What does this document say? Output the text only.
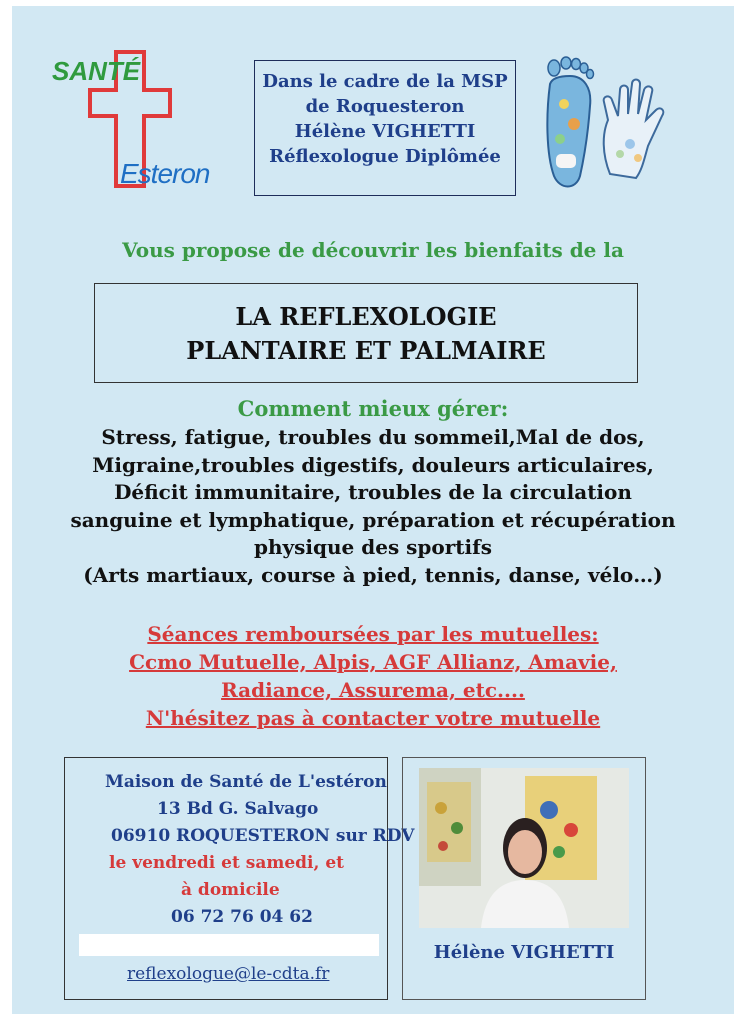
SANTÉ
Esteron
Dans le cadre de la MSP
de Roquesteron
Hélène VIGHETTI
Réflexologue Diplômée
Vous propose de découvrir les bienfaits de la
LA REFLEXOLOGIE
PLANTAIRE ET PALMAIRE
Comment mieux gérer:
Stress, fatigue, troubles du sommeil,Mal de dos,
Migraine,troubles digestifs, douleurs articulaires,
Déficit immunitaire, troubles de la circulation
sanguine et lymphatique, préparation et récupération
physique des sportifs
(Arts martiaux, course à pied, tennis, danse, vélo…)
Séances remboursées par les mutuelles:
Ccmo Mutuelle, Alpis, AGF Allianz, Amavie,
Radiance, Assurema, etc....
N'hésitez pas à contacter votre mutuelle
Maison de Santé de L'estéron
13 Bd G. Salvago
06910 ROQUESTERON sur RDV
le vendredi et samedi, et
à domicile
06 72 76 04 62
reflexologue@le-cdta.fr
Hélène VIGHETTI
